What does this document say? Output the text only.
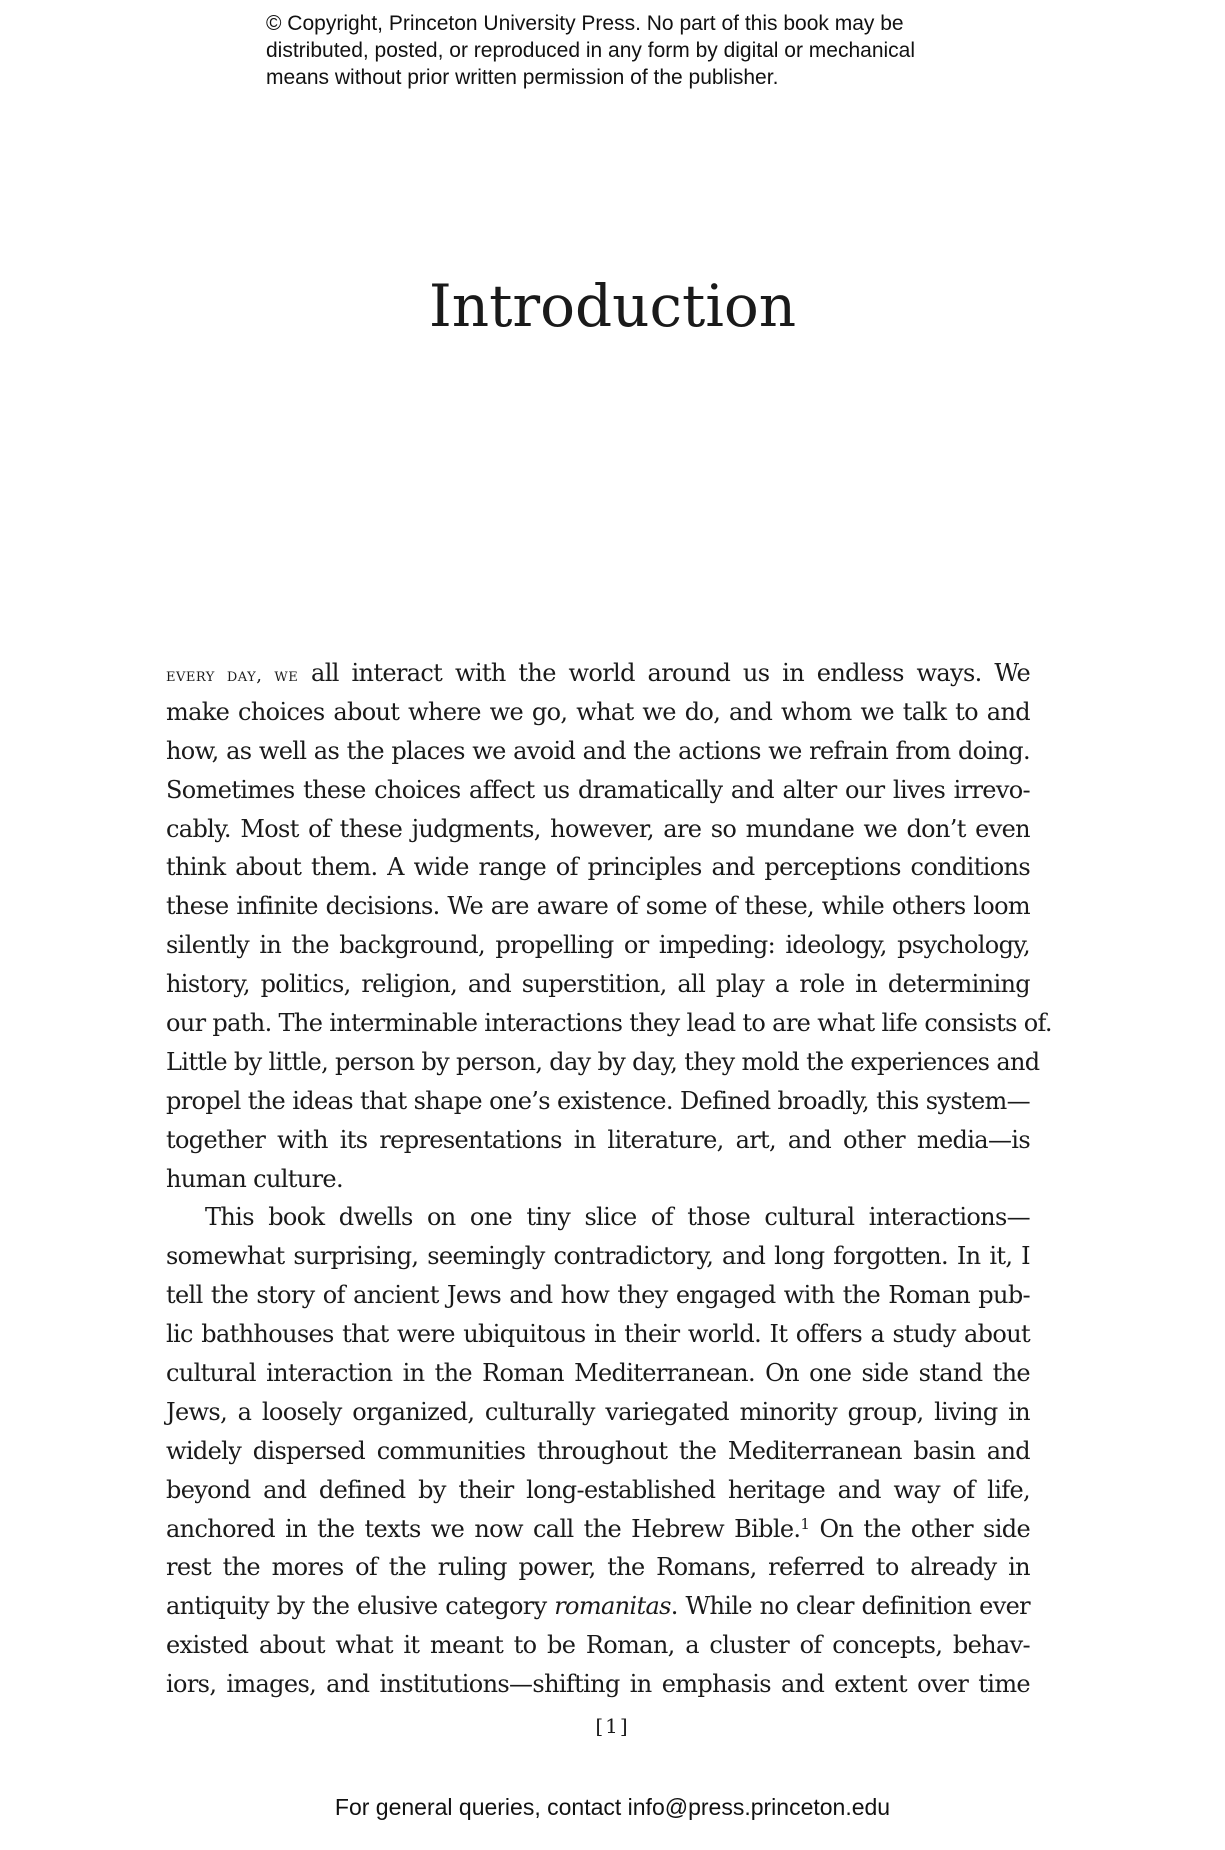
© Copyright, Princeton University Press. No part of this book may be
distributed, posted, or reproduced in any form by digital or mechanical
means without prior written permission of the publisher.
Introduction
every day, we all interact with the world around us in endless ways. We
make choices about where we go, what we do, and whom we talk to and
how, as well as the places we avoid and the actions we refrain from doing.
Sometimes these choices affect us dramatically and alter our lives irrevo-
cably. Most of these judgments, however, are so mundane we don’t even
think about them. A wide range of principles and perceptions conditions
these infinite decisions. We are aware of some of these, while others loom
silently in the background, propelling or impeding: ideology, psychology,
history, politics, religion, and superstition, all play a role in determining
our path. The interminable interactions they lead to are what life consists of.
Little by little, person by person, day by day, they mold the experiences and
propel the ideas that shape one’s existence. Defined broadly, this system—
together with its representations in literature, art, and other media—is
human culture.
This book dwells on one tiny slice of those cultural interactions—
somewhat surprising, seemingly contradictory, and long forgotten. In it, I
tell the story of ancient Jews and how they engaged with the Roman pub-
lic bathhouses that were ubiquitous in their world. It offers a study about
cultural interaction in the Roman Mediterranean. On one side stand the
Jews, a loosely organized, culturally variegated minority group, living in
widely dispersed communities throughout the Mediterranean basin and
beyond and defined by their long-established heritage and way of life,
anchored in the texts we now call the Hebrew Bible.$^1$ On the other side
rest the mores of the ruling power, the Romans, referred to already in
antiquity by the elusive category romanitas. While no clear definition ever
existed about what it meant to be Roman, a cluster of concepts, behav-
iors, images, and institutions—shifting in emphasis and extent over time
[1]
For general queries, contact info@press.princeton.edu
